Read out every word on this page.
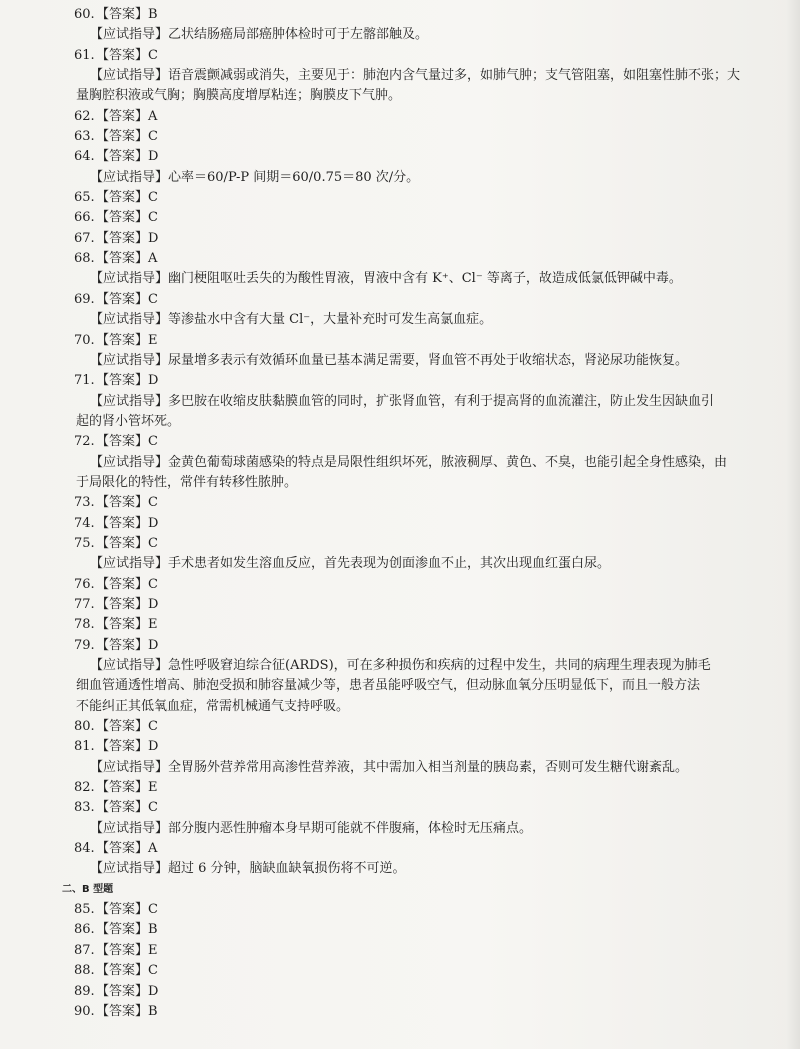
60.【答案】B
【应试指导】乙状结肠癌局部癌肿体检时可于左髂部触及。
61.【答案】C
【应试指导】语音震颤减弱或消失，主要见于：肺泡内含气量过多，如肺气肿；支气管阻塞，如阻塞性肺不张；大
量胸腔积液或气胸；胸膜高度增厚粘连；胸膜皮下气肿。
62.【答案】A
63.【答案】C
64.【答案】D
【应试指导】心率＝60/P-P 间期＝60/0.75＝80 次/分。
65.【答案】C
66.【答案】C
67.【答案】D
68.【答案】A
【应试指导】幽门梗阻呕吐丢失的为酸性胃液，胃液中含有 K⁺、Cl⁻ 等离子，故造成低氯低钾碱中毒。
69.【答案】C
【应试指导】等渗盐水中含有大量 Cl⁻，大量补充时可发生高氯血症。
70.【答案】E
【应试指导】尿量增多表示有效循环血量已基本满足需要，肾血管不再处于收缩状态，肾泌尿功能恢复。
71.【答案】D
【应试指导】多巴胺在收缩皮肤黏膜血管的同时，扩张肾血管，有利于提高肾的血流灌注，防止发生因缺血引
起的肾小管坏死。
72.【答案】C
【应试指导】金黄色葡萄球菌感染的特点是局限性组织坏死，脓液稠厚、黄色、不臭，也能引起全身性感染，由
于局限化的特性，常伴有转移性脓肿。
73.【答案】C
74.【答案】D
75.【答案】C
【应试指导】手术患者如发生溶血反应，首先表现为创面渗血不止，其次出现血红蛋白尿。
76.【答案】C
77.【答案】D
78.【答案】E
79.【答案】D
【应试指导】急性呼吸窘迫综合征(ARDS)，可在多种损伤和疾病的过程中发生，共同的病理生理表现为肺毛
细血管通透性增高、肺泡受损和肺容量减少等，患者虽能呼吸空气，但动脉血氧分压明显低下，而且一般方法
不能纠正其低氧血症，常需机械通气支持呼吸。
80.【答案】C
81.【答案】D
【应试指导】全胃肠外营养常用高渗性营养液，其中需加入相当剂量的胰岛素，否则可发生糖代谢紊乱。
82.【答案】E
83.【答案】C
【应试指导】部分腹内恶性肿瘤本身早期可能就不伴腹痛，体检时无压痛点。
84.【答案】A
【应试指导】超过 6 分钟，脑缺血缺氧损伤将不可逆。
二、B 型题
85.【答案】C
86.【答案】B
87.【答案】E
88.【答案】C
89.【答案】D
90.【答案】B
